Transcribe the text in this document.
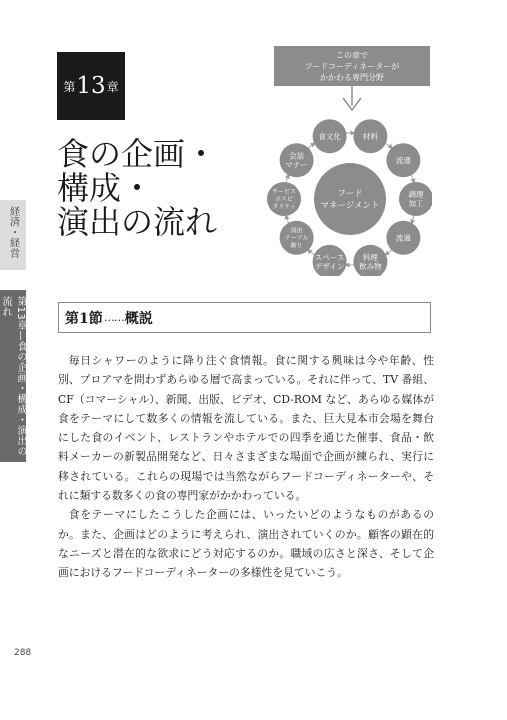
第 13 章
食の企画・
構成・
演出の流れ
この章で
フードコーディネーターが
かかわる専門分野
フード
マネージメント
材料
流通
調理
加工
流通
料理
飲み物
スペース
デザイン
演出
テーブル
飾り
サービス
ホスピ
タリティ
会話
マナー
食文化
経済・経営
第13章—食の企画・構成・演出の流れ
第1節 …… 概説

毎日シャワーのように降り注ぐ食情報。食に関する興味は今や年齢、性別、プロアマを問わずあらゆる層で高まっている。それに伴って、TV 番組、CF（コマーシャル）、新聞、出版、ビデオ、CD-ROM など、あらゆる媒体が食をテーマにして数多くの情報を流している。また、巨大見本市会場を舞台にした食のイベント、レストランやホテルでの四季を通じた催事、食品・飲料メーカーの新製品開発など、日々さまざまな場面で企画が練られ、実行に移されている。これらの現場では当然ながらフードコーディネーターや、それに類する数多くの食の専門家がかかわっている。

食をテーマにしたこうした企画には、いったいどのようなものがあるのか。また、企画はどのように考えられ、演出されていくのか。顧客の顕在的なニーズと潜在的な欲求にどう対応するのか。職域の広さと深さ、そして企画におけるフードコーディネーターの多様性を見ていこう。

288
